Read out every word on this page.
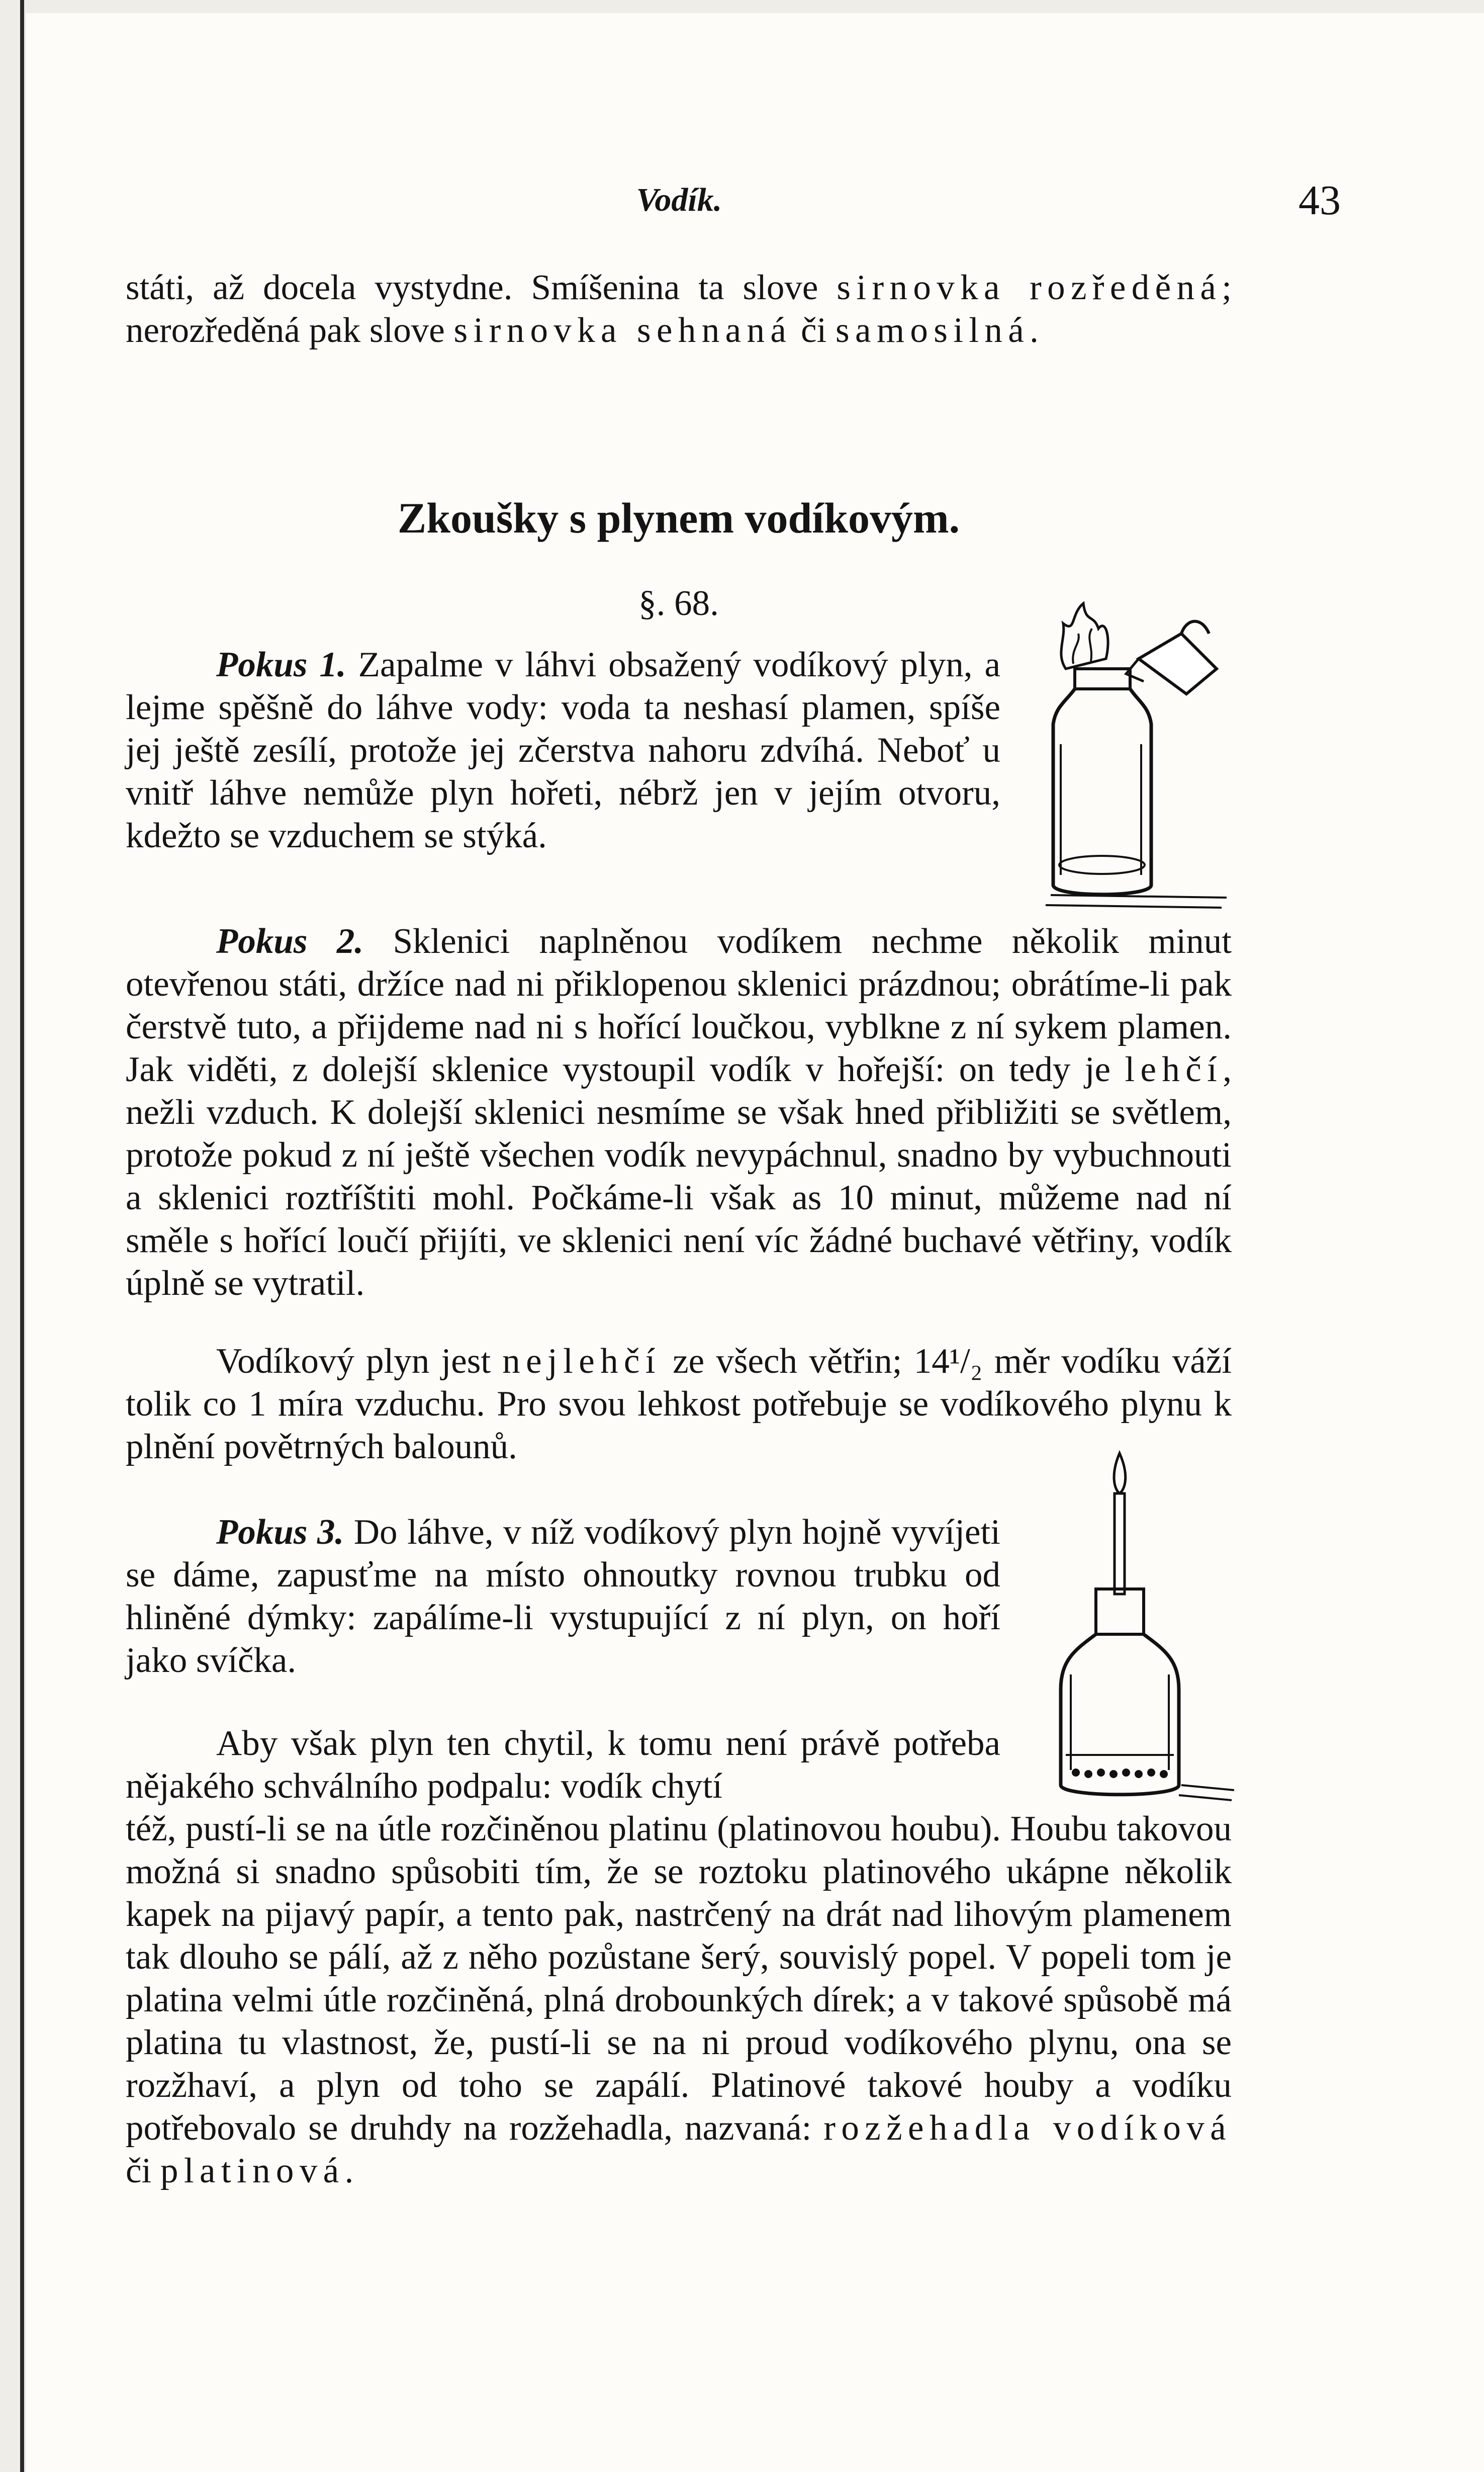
Vodík.	43

státi, až docela vystydne. Smíšenina ta slove sirnovka rozředěná; nerozředěná pak slove sirnovka sehnaná či samosilná.

Zkoušky s plynem vodíkovým.
§. 68.

Pokus 1. Zapalme v láhvi obsažený vodíkový plyn, a lejme spěšně do láhve vody: voda ta neshasí plamen, spíše jej ještě zesílí, protože jej zčerstva nahoru zdvíhá. Neboť u vnitř láhve nemůže plyn hořeti, nébrž jen v jejím otvoru, kdežto se vzduchem se stýká.

Pokus 2. Sklenici naplněnou vodíkem nechme několik minut otevřenou státi, držíce nad ni přiklopenou sklenici prázdnou; obrátíme-li pak čerstvě tuto, a přijdeme nad ni s hořící loučkou, vyblkne z ní sykem plamen. Jak viděti, z dolejší sklenice vystoupil vodík v hořejší: on tedy je lehčí, nežli vzduch. K dolejší sklenici nesmíme se však hned přibližiti se světlem, protože pokud z ní ještě všechen vodík nevypáchnul, snadno by vybuchnouti a sklenici roztříštiti mohl. Počkáme-li však as 10 minut, můžeme nad ní směle s hořící loučí přijíti, ve sklenici není víc žádné buchavé větřiny, vodík úplně se vytratil.

Vodíkový plyn jest nejlehčí ze všech větřin; 14¹/₂ měr vodíku váží tolik co 1 míra vzduchu. Pro svou lehkost potřebuje se vodíkového plynu k plnění povětrných balounů.

Pokus 3. Do láhve, v níž vodíkový plyn hojně vyvíjeti se dáme, zapusťme na místo ohnoutky rovnou trubku od hliněné dýmky: zapálíme-li vystupující z ní plyn, on hoří jako svíčka.

Aby však plyn ten chytil, k tomu není právě potřeba nějakého schválního podpalu: vodík chytí

též, pustí-li se na útle rozčiněnou platinu (platinovou houbu). Houbu takovou možná si snadno spůsobiti tím, že se roztoku platinového ukápne několik kapek na pijavý papír, a tento pak, nastrčený na drát nad lihovým plamenem tak dlouho se pálí, až z něho pozůstane šerý, souvislý popel. V popeli tom je platina velmi útle rozčiněná, plná drobounkých dírek; a v takové spůsobě má platina tu vlastnost, že, pustí-li se na ni proud vodíkového plynu, ona se rozžhaví, a plyn od toho se zapálí. Platinové takové houby a vodíku potřebovalo se druhdy na rozžehadla, nazvaná: rozžehadla vodíková či platinová.
